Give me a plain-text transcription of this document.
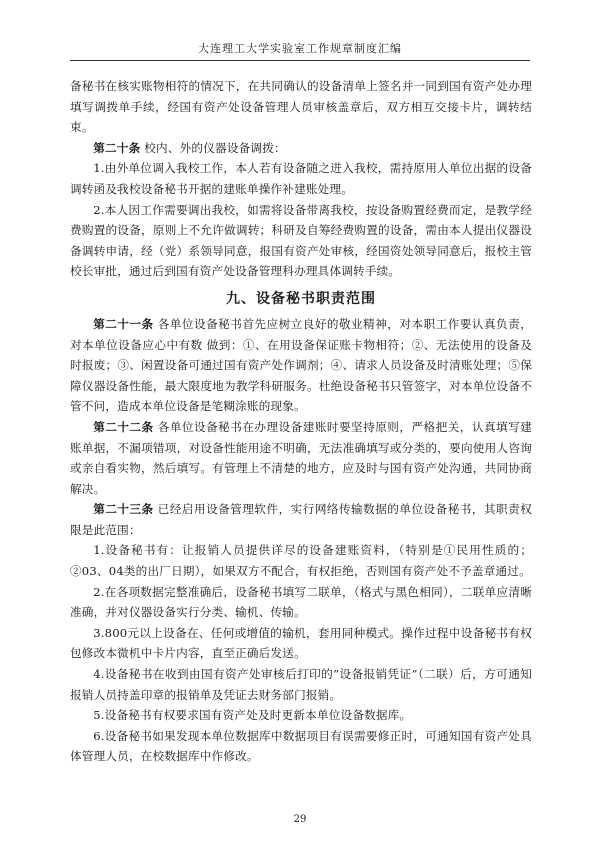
大连理工大学实验室工作规章制度汇编

备秘书在核实账物相符的情况下，在共同确认的设备清单上签名并一同到国有资产处办理填写调拨单手续，经国有资产处设备管理人员审核盖章后，双方相互交接卡片，调转结束。

第二十条 校内、外的仪器设备调拨：

1.由外单位调入我校工作，本人若有设备随之进入我校，需持原用人单位出据的设备调转函及我校设备秘书开据的建账单操作补建账处理。

2.本人因工作需要调出我校，如需将设备带离我校，按设备购置经费而定，是教学经费购置的设备，原则上不允许做调转；科研及自筹经费购置的设备，需由本人提出仪器设备调转申请，经（党）系领导同意，报国有资产处审核，经国资处领导同意后，报校主管校长审批，通过后到国有资产处设备管理科办理具体调转手续。

九、设备秘书职责范围

第二十一条 各单位设备秘书首先应树立良好的敬业精神，对本职工作要认真负责，对本单位设备应心中有数 做到：①、在用设备保证账卡物相符；②、无法使用的设备及时报废；③、闲置设备可通过国有资产处作调剂；④、请求人员设备及时清账处理；⑤保障仪器设备性能，最大限度地为教学科研服务。杜绝设备秘书只管签字，对本单位设备不管不问，造成本单位设备是笔糊涂账的现象。

第二十二条 各单位设备秘书在办理设备建账时要坚持原则，严格把关，认真填写建账单据，不漏项错项，对设备性能用途不明确，无法准确填写或分类的，要向使用人咨询或亲自看实物，然后填写。有管理上不清楚的地方，应及时与国有资产处沟通，共同协商解决。

第二十三条 已经启用设备管理软件，实行网络传输数据的单位设备秘书，其职责权限是此范围：

1.设备秘书有：让报销人员提供详尽的设备建账资料，（特别是①民用性质的；②03、04类的出厂日期），如果双方不配合，有权拒绝，否则国有资产处不予盖章通过。

2.在各项数据完整准确后，设备秘书填写二联单，（格式与黑色相同），二联单应清晰准确，并对仪器设备实行分类、输机、传输。

3.800元以上设备在、任何或增值的输机，套用同种模式。操作过程中设备秘书有权包修改本微机中卡片内容，直至正确后发送。

4.设备秘书在收到由国有资产处审核后打印的“设备报销凭证”（二联）后，方可通知报销人员持盖印章的报销单及凭证去财务部门报销。

5.设备秘书有权要求国有资产处及时更新本单位设备数据库。

6.设备秘书如果发现本单位数据库中数据项目有误需要修正时，可通知国有资产处具体管理人员，在校数据库中作修改。

29
